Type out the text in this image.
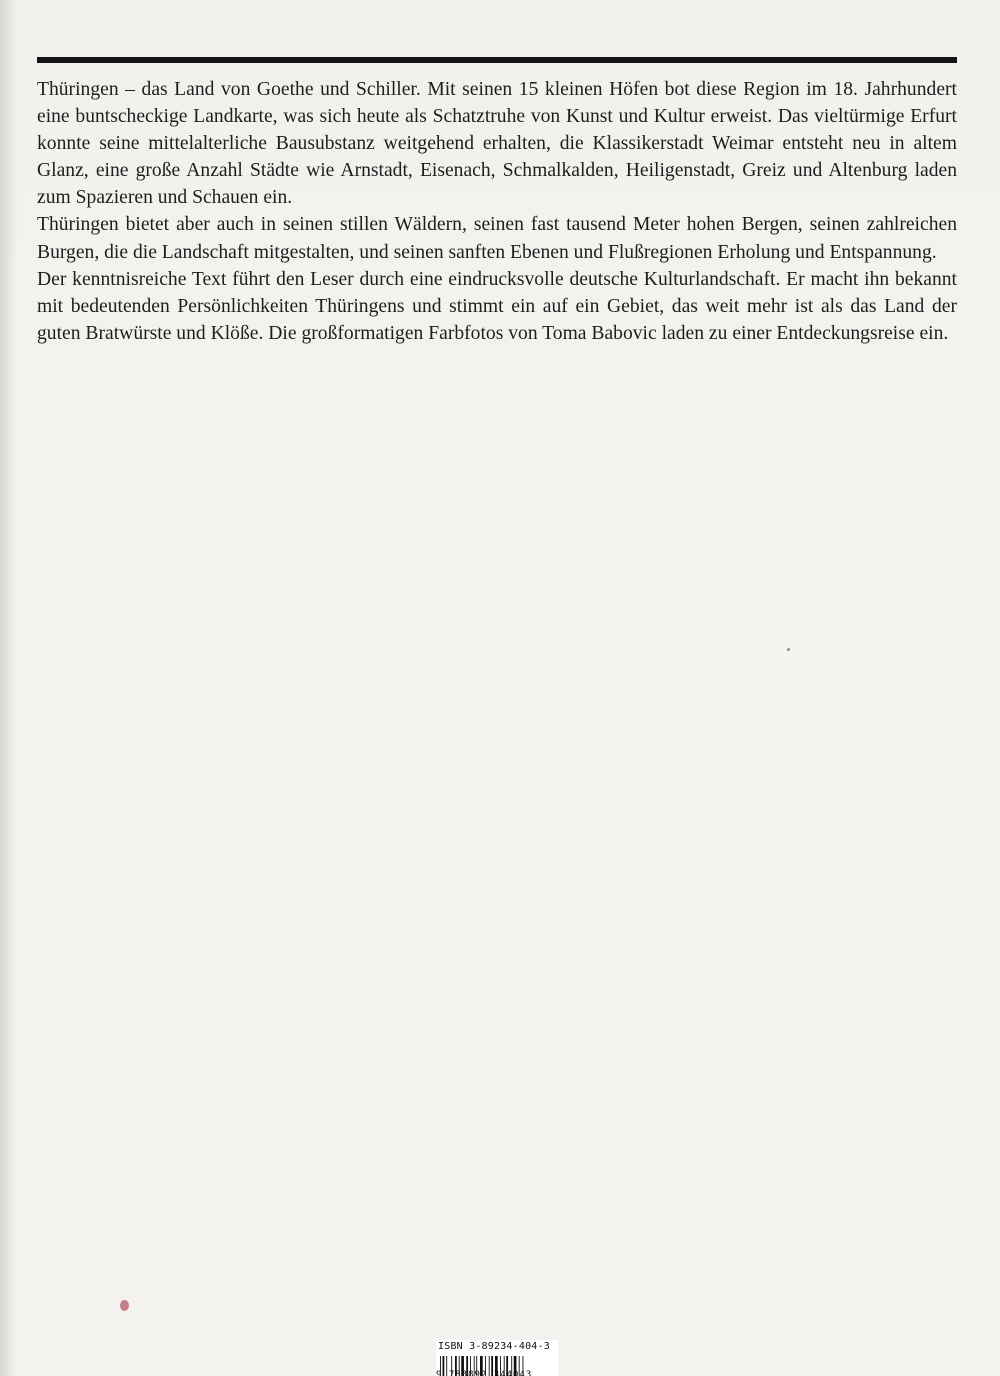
Thüringen – das Land von Goethe und Schiller. Mit seinen 15 kleinen Höfen bot diese Region im 18. Jahrhundert eine buntscheckige Landkarte, was sich heute als Schatztruhe von Kunst und Kultur erweist. Das vieltürmige Erfurt konnte seine mittelalterliche Bausubstanz weitgehend erhalten, die Klassikerstadt Weimar entsteht neu in altem Glanz, eine große Anzahl Städte wie Arnstadt, Eisenach, Schmalkalden, Heiligenstadt, Greiz und Altenburg laden zum Spazieren und Schauen ein.

Thüringen bietet aber auch in seinen stillen Wäldern, seinen fast tausend Meter hohen Bergen, seinen zahlreichen Burgen, die die Landschaft mitgestalten, und seinen sanften Ebenen und Flußregionen Erholung und Entspannung.

Der kenntnisreiche Text führt den Leser durch eine eindrucksvolle deutsche Kulturlandschaft. Er macht ihn bekannt mit bedeutenden Persönlichkeiten Thüringens und stimmt ein auf ein Gebiet, das weit mehr ist als das Land der guten Bratwürste und Klöße. Die großformatigen Farbfotos von Toma Babovic laden zu einer Entdeckungsreise ein.

ISBN 3-89234-404-3
9 783892 344043
